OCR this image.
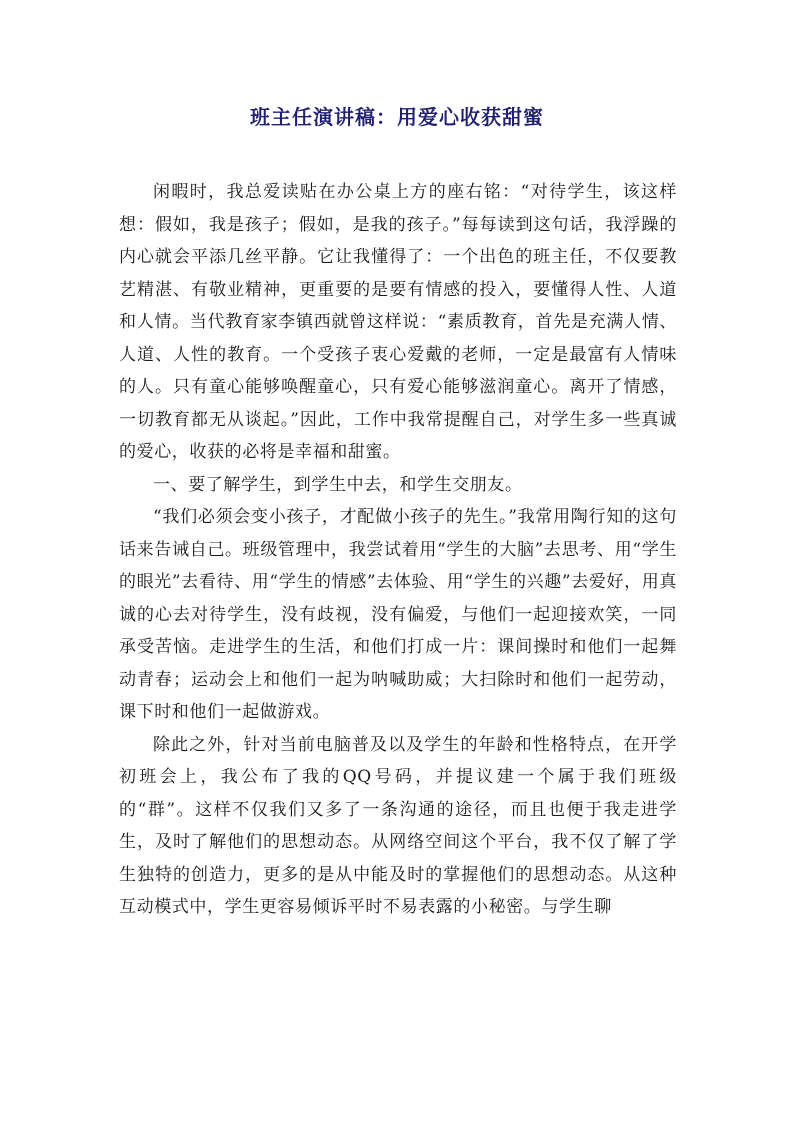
班主任演讲稿：用爱心收获甜蜜

闲暇时，我总爱读贴在办公桌上方的座右铭：“对待学生，该这样想：假如，我是孩子；假如，是我的孩子。”每每读到这句话，我浮躁的内心就会平添几丝平静。它让我懂得了：一个出色的班主任，不仅要教艺精湛、有敬业精神，更重要的是要有情感的投入，要懂得人性、人道和人情。当代教育家李镇西就曾这样说：“素质教育，首先是充满人情、人道、人性的教育。一个受孩子衷心爱戴的老师，一定是最富有人情味的人。只有童心能够唤醒童心，只有爱心能够滋润童心。离开了情感，一切教育都无从谈起。”因此，工作中我常提醒自己，对学生多一些真诚的爱心，收获的必将是幸福和甜蜜。

一、要了解学生，到学生中去，和学生交朋友。

“我们必须会变小孩子，才配做小孩子的先生。”我常用陶行知的这句话来告诫自己。班级管理中，我尝试着用“学生的大脑”去思考、用“学生的眼光”去看待、用“学生的情感”去体验、用“学生的兴趣”去爱好，用真诚的心去对待学生，没有歧视，没有偏爱，与他们一起迎接欢笑，一同承受苦恼。走进学生的生活，和他们打成一片：课间操时和他们一起舞动青春；运动会上和他们一起为呐喊助威；大扫除时和他们一起劳动，课下时和他们一起做游戏。

除此之外，针对当前电脑普及以及学生的年龄和性格特点，在开学初班会上，我公布了我的QQ号码，并提议建一个属于我们班级的“群”。这样不仅我们又多了一条沟通的途径，而且也便于我走进学生，及时了解他们的思想动态。从网络空间这个平台，我不仅了解了学生独特的创造力，更多的是从中能及时的掌握他们的思想动态。从这种互动模式中，学生更容易倾诉平时不易表露的小秘密。与学生聊
